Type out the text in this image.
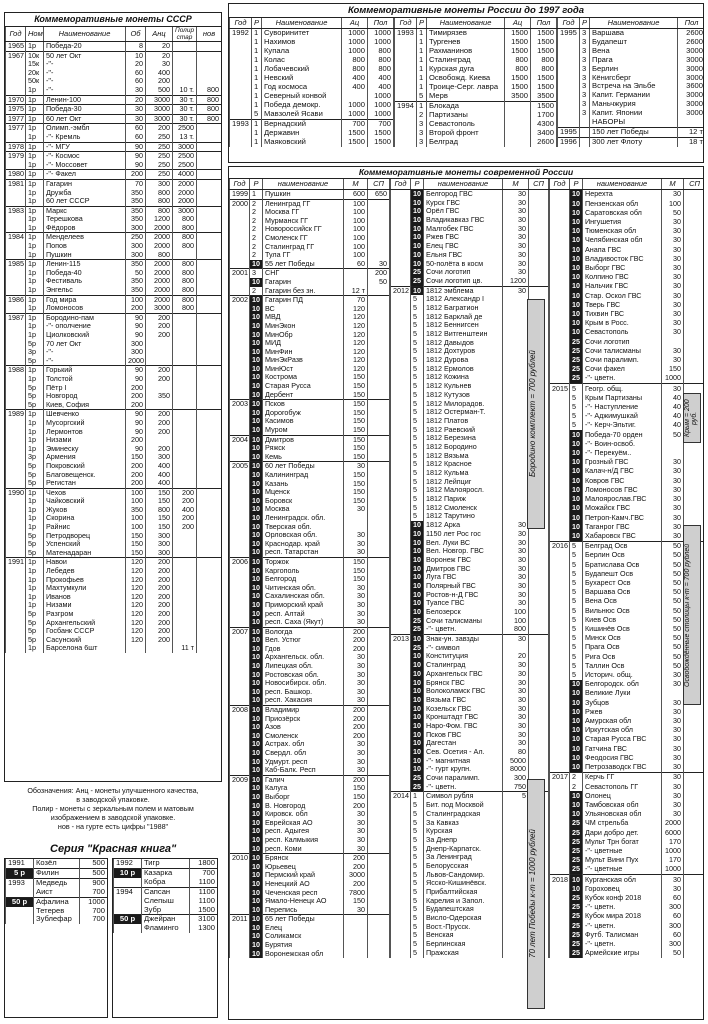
Коммеморативные монеты СССР
Год	Ном	Наименование	Об	Анц	Полир
стар	нов
1965	1р	Победа-20	8	20		
1967	10к	50 лет Окт	10	20		
	15к	-"-	20	30		
	20к	-"-	60	400		
	50к	-"-	60	200		
	1р	-"-	30	500	10 т.	800
1970	1р	Ленин-100	20	3000	30 т.	800
1975	1р	Победа-30	30	3000	30 т.	800
1977	1р	60 лет Окт	30	3000	30 т.	800
1977	1р	Олимп.-эмбл	60	200	2500	
	1р	-"- Кремль	60	250	13 т.	
1978	1р	-"- МГУ	90	250	3000	
1979	1р	-"- Космос	90	250	2500	
	1р	-"- Моссовет	90	250	2500	
1980	1р	-"- Факел	200	250	4000	
1981	1р	Гагарин	70	300	2000	
	1р	Дружба	350	800	2000	
	1р	60 лет СССР	350	800	2000	
1983	1р	Маркс	350	800	3000	
	1р	Терешкова	350	1200	800	
	1р	Фёдоров	300	2000	800	
1984	1р	Менделеев	250	2000	800	
	1р	Попов	300	2000	800	
	1р	Пушкин	300	800		
1985	1р	Ленин-115	350	2000	800	
	1р	Победа-40	50	2000	800	
	1р	Фестиваль	350	2000	800	
	1р	Энгельс	350	2000	800	
1986	1р	Год мира	100	2000	800	
	1р	Ломоносов	200	3000	800	
1987	1р	Бородино-пам	90	200		
	1р	-"- ополчение	90	200		
	1р	Циолковский	90	200		
	5р	70 лет Окт	300			
	3р	-"-	300			
	5р	-"-	2000			
1988	1р	Горький	90	200		
	1р	Толстой	90	200		
	5р	Пётр I	200			
	5р	Новгород	200	350		
	5р	Киев, София	200			
1989	1р	Шевченко	90	200		
	1р	Мусоргский	90	200		
	1р	Лермонтов	90	200		
	1р	Низами	200			
	1р	Эминеску	90	200		
	3р	Армения	150	300		
	5р	Покровский	200	400		
	5р	Благовещенск.	200	400		
	5р	Регистан	200	400		
1990	1р	Чехов	100	150	200	
	1р	Чайковский	100	150	200	
	1р	Жуков	350	800	400	
	1р	Скорина	100	150	200	
	1р	Райнис	100	150	200	
	5р	Петродворец	150	300		
	5р	Успенский	150	300		
	5р	Матенадаран	150	300		
1991	1р	Навои	120	200		
	1р	Лебедев	120	200		
	1р	Прокофьев	120	200		
	1р	Махтумкули	120	200		
	1р	Иванов	120	200		
	1р	Низами	120	200		
	5р	Разгром	120	200		
	5р	Архангельский	120	200		
	5р	Госбанк СССР	120	200		
	5р	Сасунский	120	200		
	1р	Барселона 6шт			11 т	
Обозначения: Анц - монеты улучшенного качества,
в заводской упаковке.
Полир - монеты с зеркальным полем и матовым
изображением в заводской упаковке.
нов - на гурте есть цифры "1988"
Серия "Красная книга"
1991	Козёл	500
5 р	Филин	500
1993	Медведь	900
	Аист	700
50 р	Афалина	1000
	Тетерев	700
	Зублефар	700
1992	Тигр	1800
10 р	Казарка	700
	Кобра	1100
1994	Сапсан	1100
	Слепыш	1100
	Зубр	1500
50 р	Джейран	3100
	Фламинго	1300
Коммеморативные монеты России до 1997 года
Год	Р	Наименование	Ац	Пол
1992	1	Суворинитет	1000	1000
	1	Нахимов	1000	1000
	1	Купала	1000	800
	1	Колас	800	800
	1	Лобачевский	800	800
	1	Невский	400	400
	1	Год космоса	400	400
	1	Северный конвой		1000
	1	Победа демокр.	1000	1000
	5	Мавзолей Ясави	1000	1000
1993	1	Вернадский	700	700
	1	Державин	1500	1500
	1	Маяковский	1500	1500
Год	Р	Наименование	Ац	Пол
1993	1	Тимирязев	1500	1500
	1	Тургенев	1500	1500
	1	Рахманинов	1500	1500
	1	Сталинград	800	800
	1	Курская дуга	800	800
	1	Освобожд. Киева	1500	1500
	1	Троице-Серг. лавра	1500	1500
	5	Мерв	3500	3500
1994	1	Блокада		1500
	2	Партизаны		1700
	3	Севастополь		4300
	3	Второй фронт		3400
	3	Белград		2600
Год	Р	Наименование	Пол
1995	3	Варшава	2600
	3	Будапешт	2600
	3	Вена	3000
	3	Прага	3000
	3	Берлин	3000
	3	Кёнигсберг	3000
	3	Встреча на Эльбе	3600
	3	Капит. Германии	3000
	3	Маньчжурия	3000
	3	Капит. Японии	3000
		НАБОРЫ	
1995		150 лет Победы	12 т
1996		300 лет Флоту	18 т
Коммеморативные монеты современной России
Год	Р	наименование	М	СП
1999	1	Пушкин	600	650
2000	2	Ленинград ГГ	100	
	2	Москва ГГ	100	
	2	Мурманск ГГ	100	
	2	Новороссийск ГГ	100	
	2	Смоленск ГГ	100	
	2	Сталинград ГГ	100	
	2	Тула ГГ	100	
	10	55 лет Победы	60	30
2001	3	СНГ		200
	10	Гагарин		50
	2	Гагарин без зн.	12 т	
2002	10	Гагарин ПД	70	
	10	ВС	120	
	10	МВД	120	
	10	МинЭкон	120	
	10	МинОбр	120	
	10	МИД	120	
	10	МинФин	120	
	10	МинЭкРазв	120	
	10	МинЮст	120	
	10	Кострома	150	
	10	Старая Русса	150	
	10	Дербент	150	
2003	10	Псков	150	
	10	Дорогобуж	150	
	10	Касимов	150	
	10	Муром	150	
2004	10	Дмитров	150	
	10	Ряжск	150	
	10	Кемь	150	
2005	10	60 лет Победы	30	
	10	Калининград	150	
	10	Казань	150	
	10	Мценск	150	
	10	Боровск	150	
	10	Москва	30	
	10	Ленинградск. обл.		
	10	Тверская обл.		
	10	Орловская обл.	30	
	10	Краснодар. край	30	
	10	респ. Татарстан	30	
2006	10	Торжок	150	
	10	Каргополь	150	
	10	Белгород	150	
	10	Читинская обл.	30	
	10	Сахалинская обл.	30	
	10	Приморский край	30	
	10	респ. Алтай	30	
	10	респ. Саха (Якут)	30	
2007	10	Вологда	200	
	10	Вел. Устюг	200	
	10	Гдов	200	
	10	Архангельск. обл.	30	
	10	Липецкая обл.	30	
	10	Ростовская обл.	30	
	10	Новосибирск. обл.	30	
	10	респ. Башкор.	30	
	10	респ. Хакасия	30	
2008	10	Владимир	200	
	10	Приозёрск	200	
	10	Азов	200	
	10	Смоленск	200	
	10	Астрах. обл	30	
	10	Свердл. обл	30	
	10	Удмурт. респ	30	
	10	Каб-Балк. Респ	30	
2009	10	Галич	200	
	10	Калуга	150	
	10	Выборг	150	
	10	В. Новгород	200	
	10	Кировск. обл	30	
	10	Еврейская АО	30	
	10	респ. Адыгея	30	
	10	респ. Калмыкия	30	
	10	респ. Коми	30	
2010	10	Брянск	200	
	10	Юрьевец	200	
	10	Пермский край	3000	
	10	Ненецкий АО	200	
	10	Чеченская респ	7800	
	10	Ямало-Ненецк АО	150	
	10	Перепись	30	
2011	10	65 лет Победы		
	10	Елец		
	10	Соликамск		
	10	Бурятия		
	10	Воронежская обл		
Год	Р	наименование	М	СП
	10	Белгород ГВС	30	
	10	Курск ГВС	30	
	10	Орёл ГВС	30	
	10	Владикавказ ГВС	30	
	10	Малгобек ГВС	30	
	10	Ржев ГВС	30	
	10	Елец ГВС	30	
	10	Ельня ГВС	30	
	10	50-полёта в косм	30	
	25	Сочи логотип	30	
	25	Сочи логотип цв.	1200	
2012	10	1812 эмблема	30	
	5	1812 Александр I		
	5	1812 Багратион		
	5	1812 Барклай де		
	5	1812 Беннигсен		
	5	1812 Витгенштеин		
	5	1812 Давыдов		
	5	1812 Дохтуров		
	5	1812 Дурова		
	5	1812 Ермолов		
	5	1812 Кожина		
	5	1812 Кульнев		
	5	1812 Кутузов		
	5	1812 Милорадов.		
	5	1812 Остерман-Т.		
	5	1812 Платов		
	5	1812 Раевский		
	5	1812 Березина		
	5	1812 Бородино		
	5	1812 Вязьма		
	5	1812 Красное		
	5	1812 Кульма		
	5	1812 Лейпциг		
	5	1812 Малояросл.		
	5	1812 Париж		
	5	1812 Смоленск		
	5	1812 Тарутино		
	10	1812 Арка	30	
	10	1150 лет Рос гос	30	
	10	Вел. Луки ВС	30	
	10	Вел. Новгор. ГВС	30	
	10	Воронеж ГВС	30	
	10	Дмитров ГВС	30	
	10	Луга ГВС	30	
	10	Полярный ГВС	30	
	10	Ростов-н-Д ГВС	30	
	10	Туапсе ГВС	30	
	10	Белозерск	100	
	25	Сочи талисманы	100	
	25	-"- цветн.	800	
2013	10	Знак-ун. завзды	30	
	25	-"- символ		
	10	Конституция	20	
	10	Сталинград	30	
	10	Архангельск ГВС	30	
	10	Брянск ГВС	30	
	10	Волоколамск ГВС	30	
	10	Вязьма ГВС	30	
	10	Козельск ГВС	30	
	10	Кронштадт ГВС	30	
	10	Наро-Фом. ГВС	30	
	10	Псков ГВС	30	
	10	Дагестан	30	
	10	Сев. Осетия - Ал.	80	
	10	-"- магнитная	5000	
	10	-"- гурт крупн.	8000	
	25	Сочи паралимп.	300	
	25	-"- цветн.	750	
2014	1	Символ рубля	5	
	5	Бит. под Москвой		
	5	Сталинградская		
	5	За Кавказ		
	5	Курская		
	5	За Днепр		
	5	Днепр-Карпатск.		
	5	За Ленинград		
	5	Белорусская		
	5	Львов-Сандомир.		
	5	Ясско-Кишинёвск.		
	5	Прибалтийская		
	5	Карелия и Запол.		
	5	Будапештская		
	5	Висло-Одерская		
	5	Вост.-Прусск.		
	5	Венская		
	5	Берлинская		
	5	Пражская		
Год	Р	наименование	М	СП
	10	Нерехта	30	
	10	Пензенская обл	100	
	10	Саратовская обл	50	
	10	Ингушетия	30	
	10	Тюменская обл	30	
	10	Челябинская обл	30	
	10	Анапа ГВС	30	
	10	Владивосток ГВС	30	
	10	Выборг ГВС	30	
	10	Колпино ГВС	30	
	10	Нальчик ГВС	30	
	10	Стар. Оскол ГВС	30	
	10	Тверь ГВС	30	
	10	Тихвин ГВС	30	
	10	Крым в Росс.	30	
	10	Севастополь	30	
	25	Сочи логотип		
	25	Сочи талисманы	30	
	25	Сочи паралимп.	30	
	25	Сочи факел	150	
	25	-"- цветн.	1000	
2015	5	Геогр. общ.	30	
	5	Крым Партизаны	40	
	5	-"- Наступление	40	
	5	-"- Аджимушкай	40	
	5	-"- Керч-Эльтиг.	40	
	10	Победа-70 орден	50	
	10	-"- Воин-освоб.		
	10	-"- Перекуём..		
	10	Грозный ГВС	30	
	10	Калач-н/Д ГВС	30	
	10	Ковров ГВС	30	
	10	Ломоносов ГВС	30	
	10	Малоярослав.ГВС	30	
	10	Можайск ГВС	30	
	10	Петроп-Камч.ГВС	30	
	10	Таганрог ГВС	30	
	10	Хабаровск ГВС	30	
2016	5	Белград Осв	50	
	5	Берлин Осв	50	
	5	Братислава Осв	50	
	5	Будапешт Осв	50	
	5	Бухарест Осв	50	
	5	Варшава Осв	50	
	5	Вена Осв	50	
	5	Вильнюс Осв	50	
	5	Киев Осв	50	
	5	Кишинёв Осв	50	
	5	Минск Осв	50	
	5	Прага Осв	50	
	5	Рига Осв	50	
	5	Таллин Осв	50	
	5	Историч. общ.	30	
	10	Белгородск. обл	30	
	10	Великие Луки		
	10	Зубцов	30	
	10	Ржев	30	
	10	Амурская обл	30	
	10	Иркутская обл	30	
	10	Старая Русса ГВС	30	
	10	Гатчина ГВС	30	
	10	Феодосия ГВС	30	
	10	Петрозаводск ГВС	30	
2017	2	Керчь ГГ	30	
	2	Севастополь ГГ	30	
	10	Олонец	30	
	10	Тамбовская обл	30	
	10	Ульяновская обл	30	
	25	ЧМ стрельба	2000	
	25	Дари добро дет.	6000	
	25	Мульт Трн богат	170	
	25	-"- цветные	1000	
	25	Мульт Вини Пух	170	
	25	-"- цветные	1000	
2018	10	Курганская обл	30	
	10	Гороховец	30	
	25	Кубок конф 2018	60	
	25	-"- цветн.	300	
	25	Кубок мира 2018	60	
	25	-"- цветн.	300	
	25	Футб. Талисман	60	
	25	-"- цветн.	300	
	25	Армейские игры	50	
Бородино комплект = 700 рублей
70 лет Победы к-т = 1000 рублей
Крым = 200 руб.
Освобождённые столицы к-т = 700 рублей
